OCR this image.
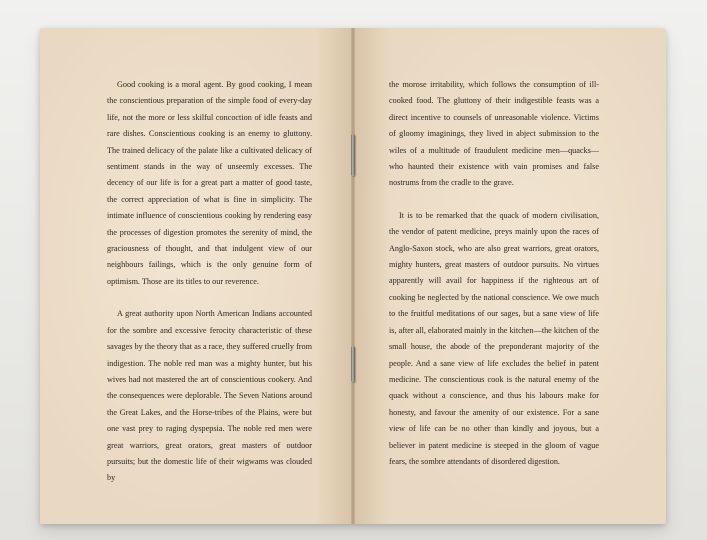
Good cooking is a moral agent. By good cooking, I mean the conscientious preparation of the simple food of every-day life, not the more or less skilful concoction of idle feasts and rare dishes. Conscientious cooking is an enemy to gluttony. The trained delicacy of the palate like a cultivated delicacy of sentiment stands in the way of unseemly excesses. The decency of our life is for a great part a matter of good taste, the correct appreciation of what is fine in simplicity. The intimate influence of conscientious cooking by rendering easy the processes of digestion promotes the serenity of mind, the graciousness of thought, and that indulgent view of our neighbours failings, which is the only genuine form of optimism. Those are its titles to our reverence.

A great authority upon North American Indians accounted for the sombre and excessive ferocity characteristic of these savages by the theory that as a race, they suffered cruelly from indigestion. The noble red man was a mighty hunter, but his wives had not mastered the art of conscientious cookery. And the consequences were deplorable. The Seven Nations around the Great Lakes, and the Horse-tribes of the Plains, were but one vast prey to raging dyspepsia. The noble red men were great warriors, great orators, great masters of outdoor pursuits; but the domestic life of their wigwams was clouded by

the morose irritability, which follows the consumption of ill-cooked food. The gluttony of their indigestible feasts was a direct incentive to counsels of unreasonable violence. Victims of gloomy imaginings, they lived in abject submission to the wiles of a multitude of fraudulent medicine men—quacks—who haunted their existence with vain promises and false nostrums from the cradle to the grave.

It is to be remarked that the quack of modern civilisation, the vendor of patent medicine, preys mainly upon the races of Anglo-Saxon stock, who are also great warriors, great orators, mighty hunters, great masters of outdoor pursuits. No virtues apparently will avail for happiness if the righteous art of cooking be neglected by the national conscience. We owe much to the fruitful meditations of our sages, but a sane view of life is, after all, elaborated mainly in the kitchen—the kitchen of the small house, the abode of the preponderant majority of the people. And a sane view of life excludes the belief in patent medicine. The conscientious cook is the natural enemy of the quack without a conscience, and thus his labours make for honesty, and favour the amenity of our existence. For a sane view of life can be no other than kindly and joyous, but a believer in patent medicine is steeped in the gloom of vague fears, the sombre attendants of disordered digestion.
